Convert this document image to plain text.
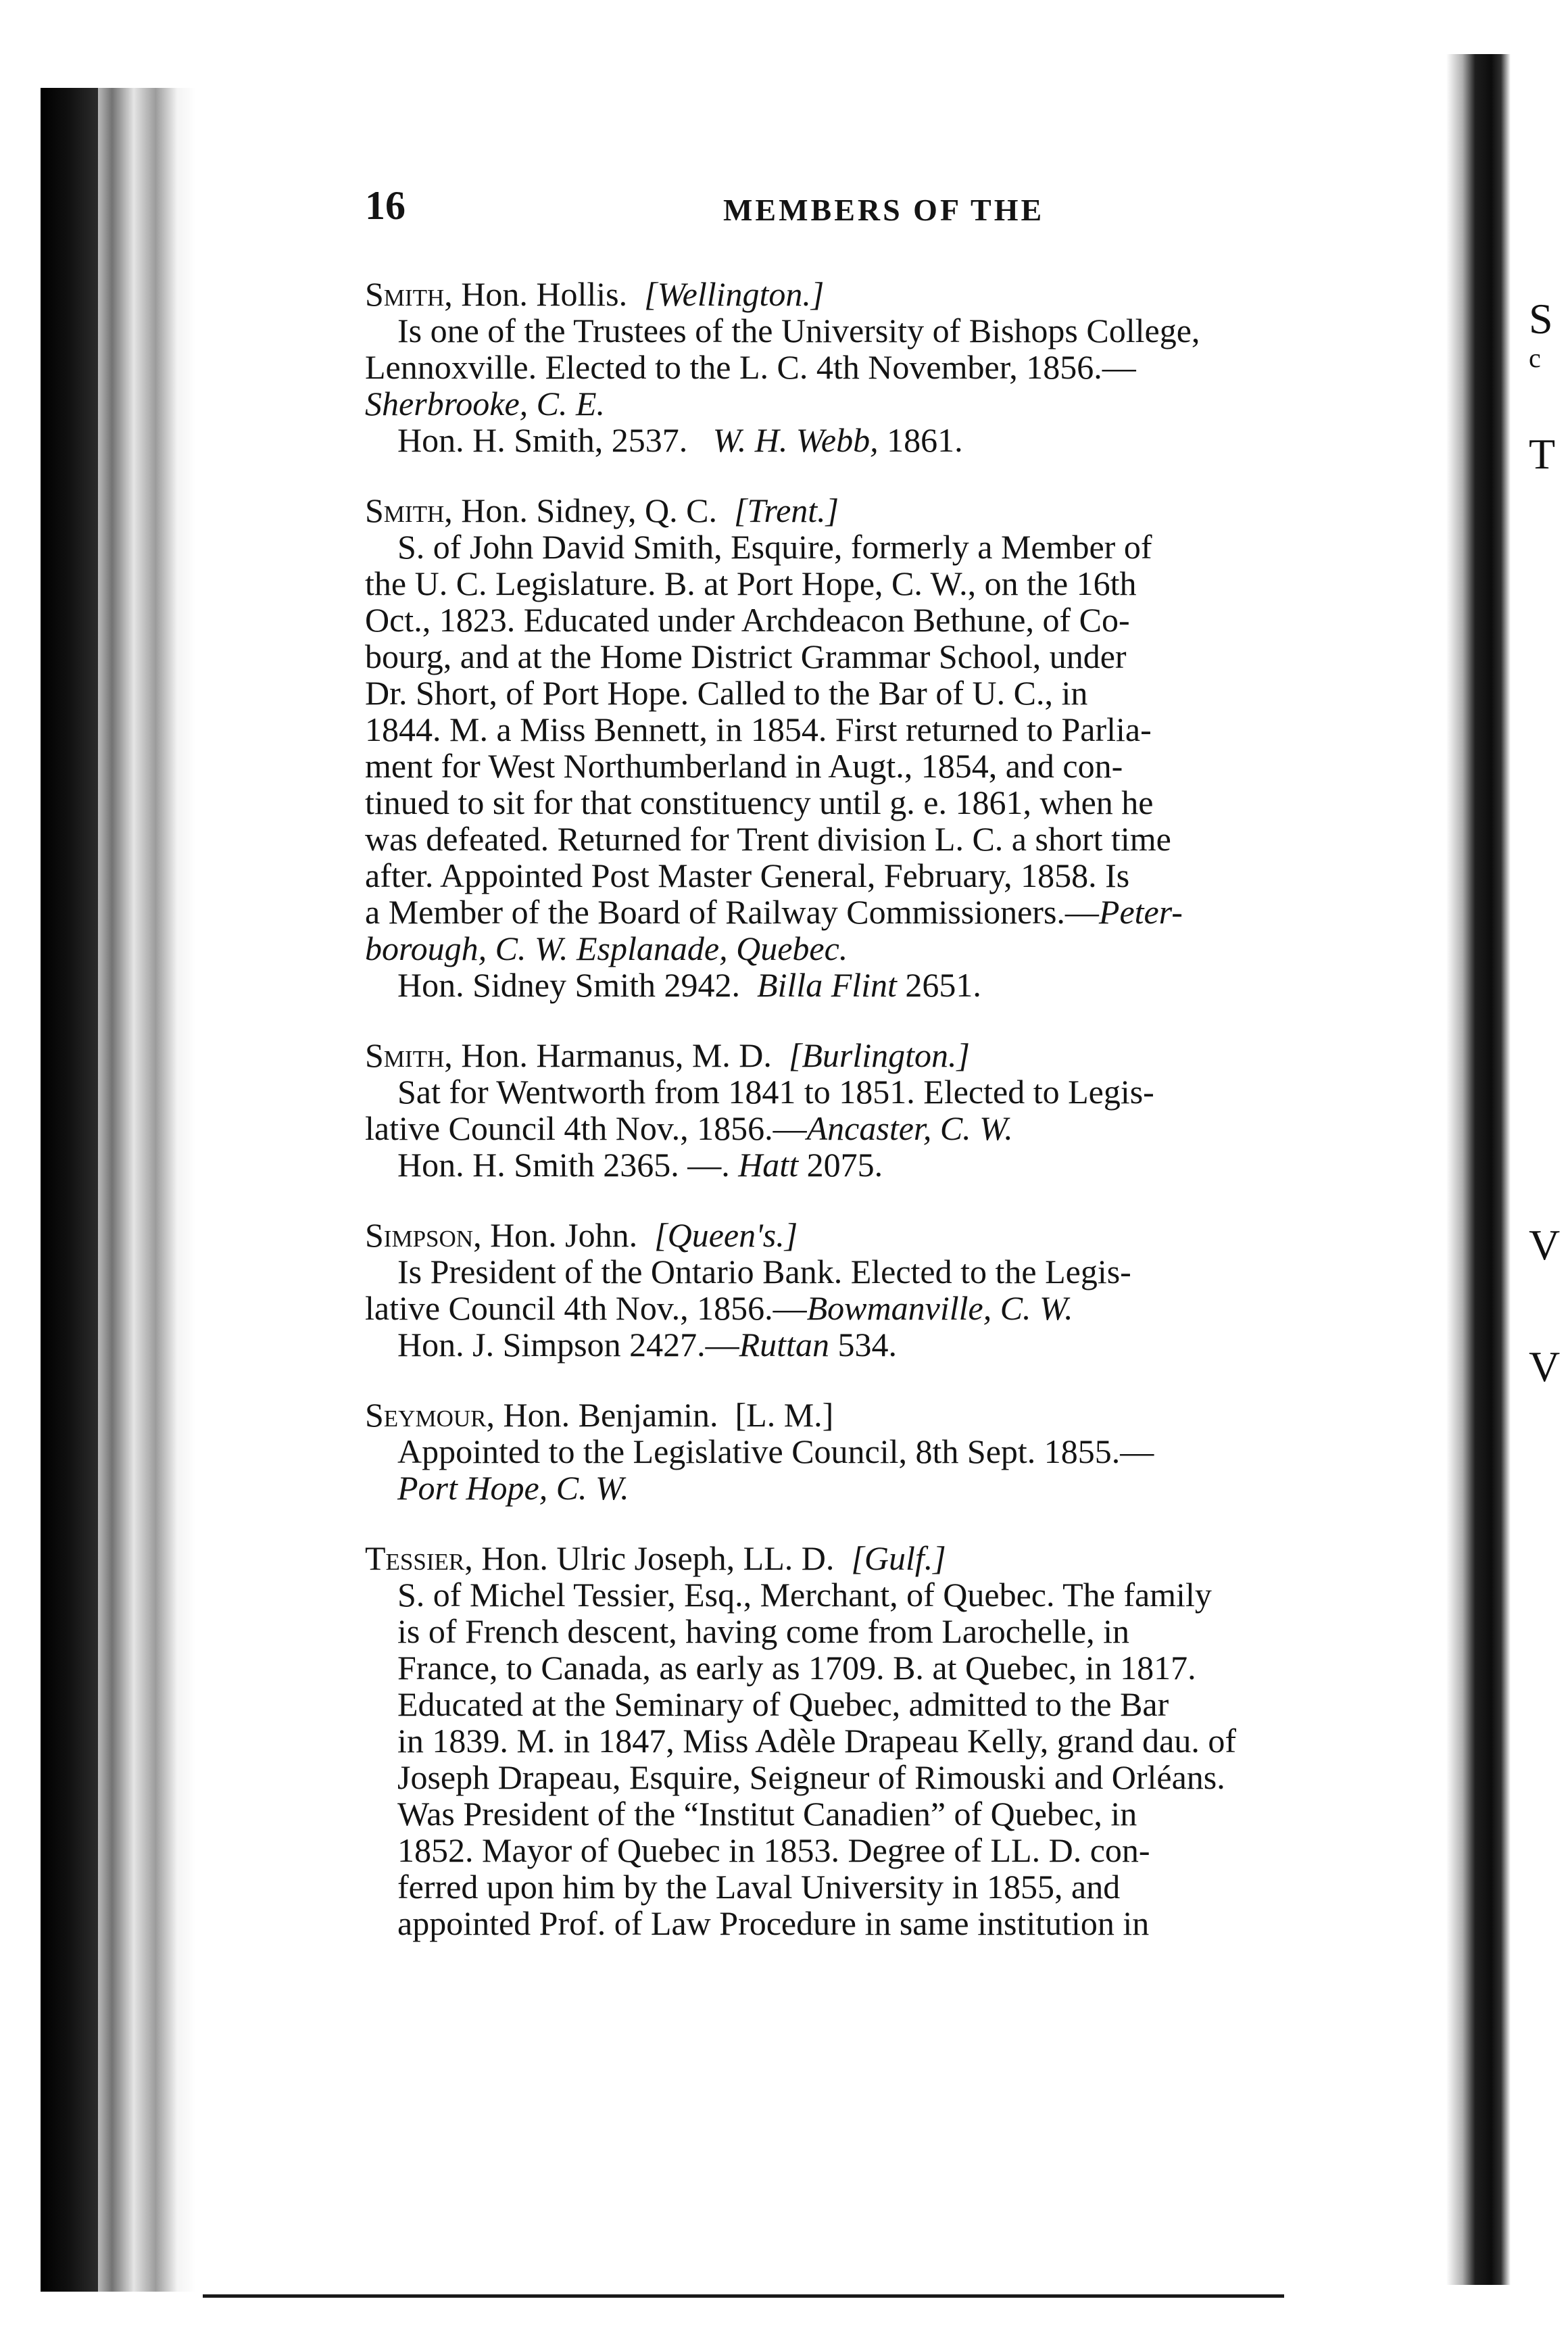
S
c
T
V
V
16	MEMBERS OF THE

Smith, Hon. Hollis. [Wellington.]

Is one of the Trustees of the University of Bishops College,

Lennoxville. Elected to the L. C. 4th November, 1856.—

Sherbrooke, C. E.

Hon. H. Smith, 2537. W. H. Webb, 1861.

Smith, Hon. Sidney, Q. C. [Trent.]

S. of John David Smith, Esquire, formerly a Member of

the U. C. Legislature. B. at Port Hope, C. W., on the 16th

Oct., 1823. Educated under Archdeacon Bethune, of Co-

bourg, and at the Home District Grammar School, under

Dr. Short, of Port Hope. Called to the Bar of U. C., in

1844. M. a Miss Bennett, in 1854. First returned to Parlia-

ment for West Northumberland in Augt., 1854, and con-

tinued to sit for that constituency until g. e. 1861, when he

was defeated. Returned for Trent division L. C. a short time

after. Appointed Post Master General, February, 1858. Is

a Member of the Board of Railway Commissioners.—Peter-

borough, C. W. Esplanade, Quebec.

Hon. Sidney Smith 2942. Billa Flint 2651.

Smith, Hon. Harmanus, M. D. [Burlington.]

Sat for Wentworth from 1841 to 1851. Elected to Legis-

lative Council 4th Nov., 1856.—Ancaster, C. W.

Hon. H. Smith 2365. —. Hatt 2075.

Simpson, Hon. John. [Queen's.]

Is President of the Ontario Bank. Elected to the Legis-

lative Council 4th Nov., 1856.—Bowmanville, C. W.

Hon. J. Simpson 2427.—Ruttan 534.

Seymour, Hon. Benjamin. [L. M.]

Appointed to the Legislative Council, 8th Sept. 1855.—

Port Hope, C. W.

Tessier, Hon. Ulric Joseph, LL. D. [Gulf.]

S. of Michel Tessier, Esq., Merchant, of Quebec. The family

is of French descent, having come from Larochelle, in

France, to Canada, as early as 1709. B. at Quebec, in 1817.

Educated at the Seminary of Quebec, admitted to the Bar

in 1839. M. in 1847, Miss Adèle Drapeau Kelly, grand dau. of

Joseph Drapeau, Esquire, Seigneur of Rimouski and Orléans.

Was President of the “Institut Canadien” of Quebec, in

1852. Mayor of Quebec in 1853. Degree of LL. D. con-

ferred upon him by the Laval University in 1855, and

appointed Prof. of Law Procedure in same institution in
